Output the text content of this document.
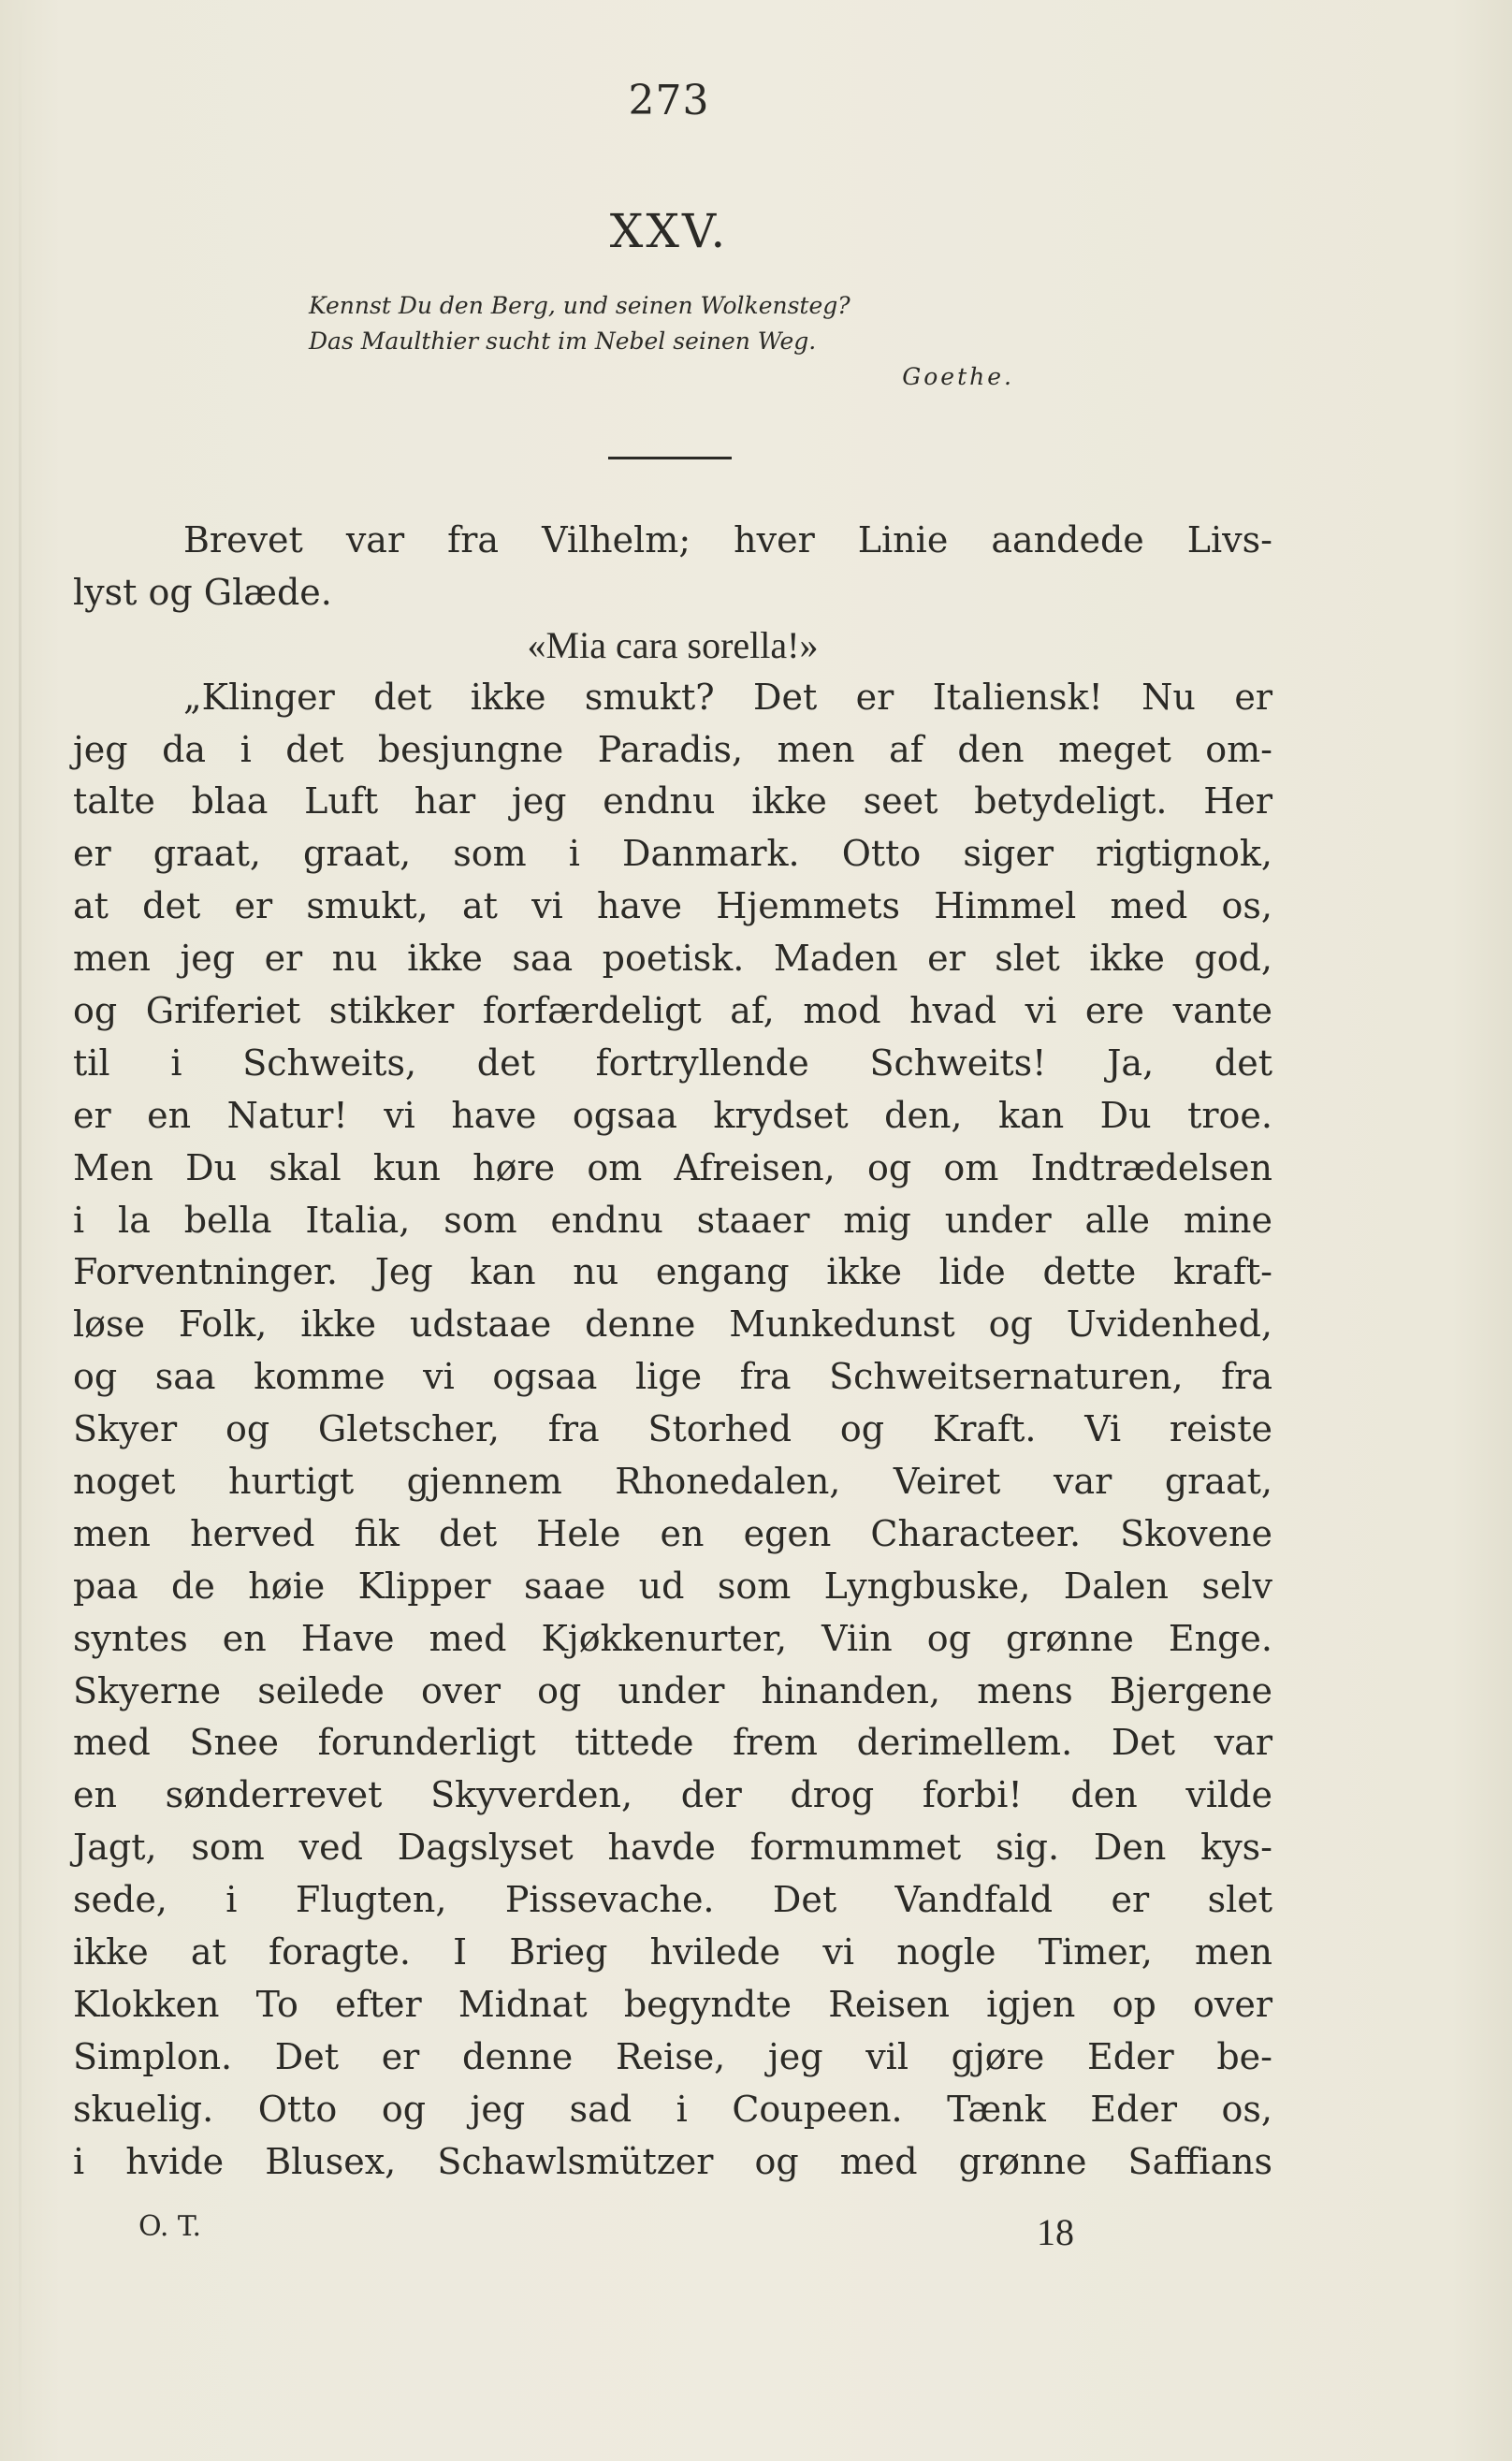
273
XXV.
Kennst Du den Berg, und seinen Wolkensteg?
Das Maulthier sucht im Nebel seinen Weg.
Goethe.
Brevet var fra Vilhelm; hver Linie aandede Livs-
lyst og Glæde.
«Mia cara sorella!»
„Klinger det ikke smukt? Det er Italiensk! Nu er
jeg da i det besjungne Paradis, men af den meget om-
talte blaa Luft har jeg endnu ikke seet betydeligt. Her
er graat, graat, som i Danmark. Otto siger rigtignok,
at det er smukt, at vi have Hjemmets Himmel med os,
men jeg er nu ikke saa poetisk. Maden er slet ikke god,
og Griferiet stikker forfærdeligt af, mod hvad vi ere vante
til i Schweits, det fortryllende Schweits! Ja, det
er en Natur! vi have ogsaa krydset den, kan Du troe.
Men Du skal kun høre om Afreisen, og om Indtrædelsen
i la bella Italia, som endnu staaer mig under alle mine
Forventninger. Jeg kan nu engang ikke lide dette kraft-
løse Folk, ikke udstaae denne Munkedunst og Uvidenhed,
og saa komme vi ogsaa lige fra Schweitsernaturen, fra
Skyer og Gletscher, fra Storhed og Kraft. Vi reiste
noget hurtigt gjennem Rhonedalen, Veiret var graat,
men herved fik det Hele en egen Characteer. Skovene
paa de høie Klipper saae ud som Lyngbuske, Dalen selv
syntes en Have med Kjøkkenurter, Viin og grønne Enge.
Skyerne seilede over og under hinanden, mens Bjergene
med Snee forunderligt tittede frem derimellem. Det var
en sønderrevet Skyverden, der drog forbi! den vilde
Jagt, som ved Dagslyset havde formummet sig. Den kys-
sede, i Flugten, Pissevache. Det Vandfald er slet
ikke at foragte. I Brieg hvilede vi nogle Timer, men
Klokken To efter Midnat begyndte Reisen igjen op over
Simplon. Det er denne Reise, jeg vil gjøre Eder be-
skuelig. Otto og jeg sad i Coupeen. Tænk Eder os,
i hvide Blusex, Schawlsmützer og med grønne Saffians
O. T.	18
